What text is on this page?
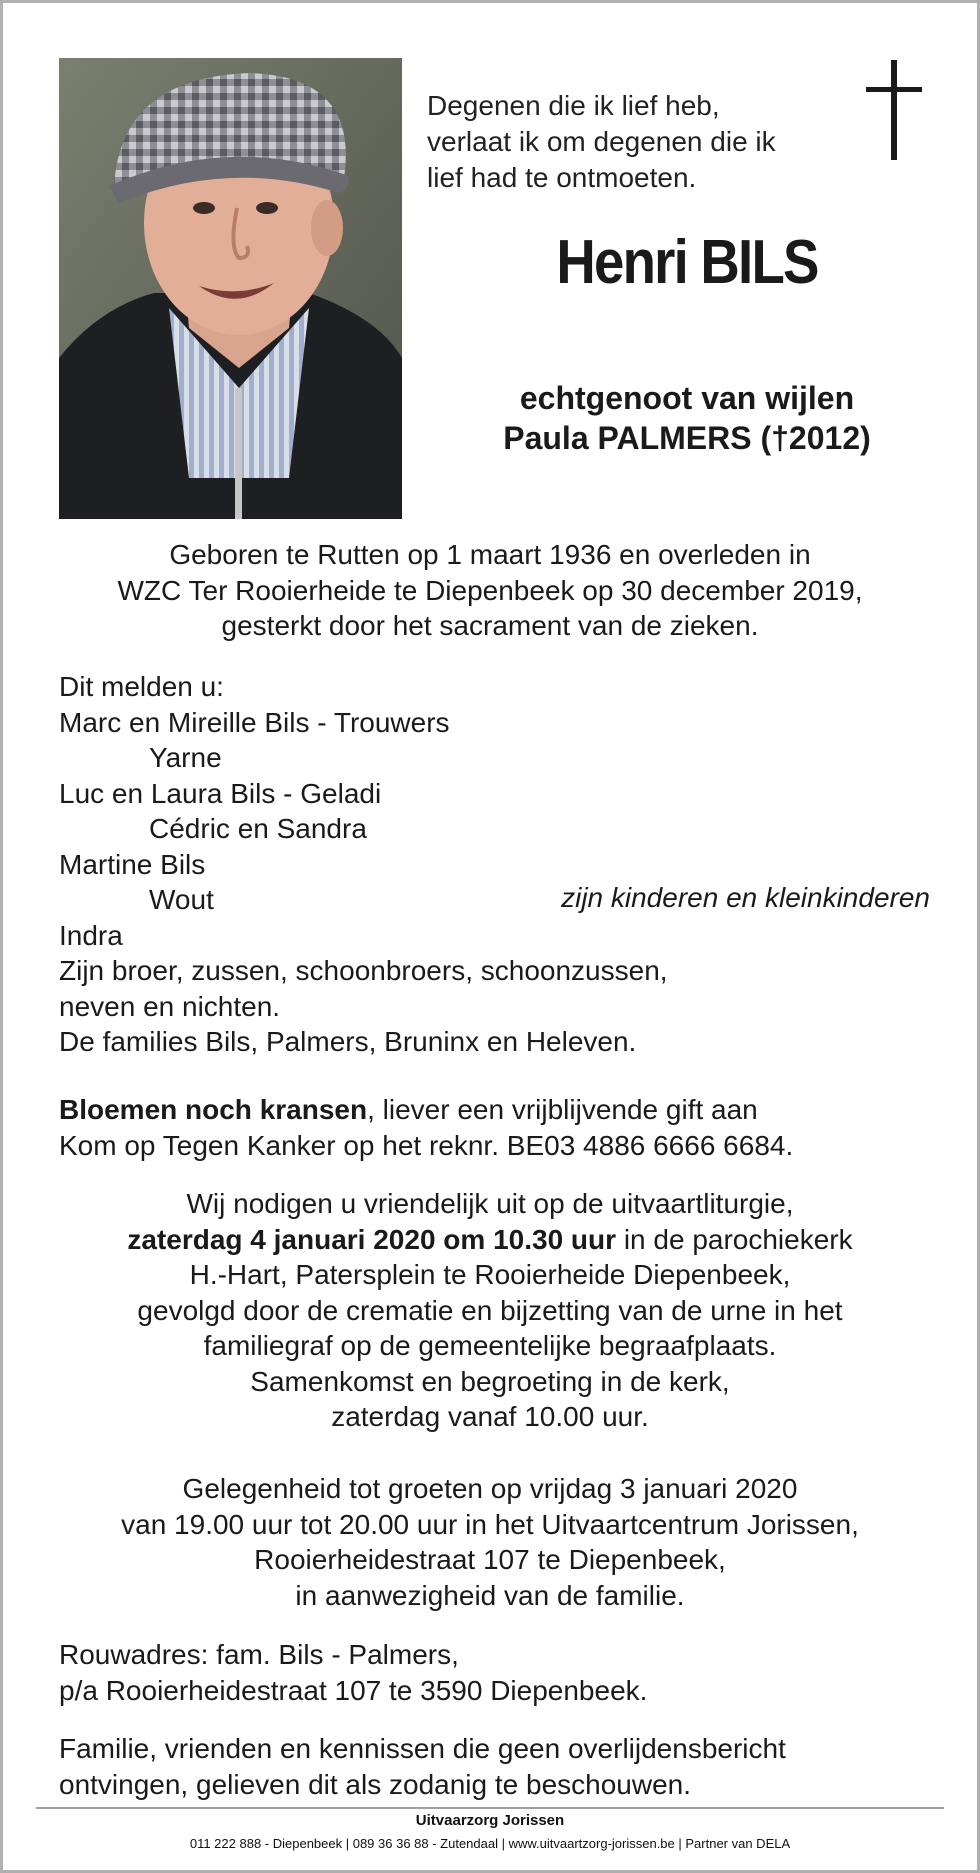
Degenen die ik lief heb,
verlaat ik om degenen die ik
lief had te ontmoeten.
Henri BILS
echtgenoot van wijlen
Paula PALMERS (†2012)
Geboren te Rutten op 1 maart 1936 en overleden in
WZC Ter Rooierheide te Diepenbeek op 30 december 2019,
gesterkt door het sacrament van de zieken.
Dit melden u:
Marc en Mireille Bils - Trouwers
Yarne
Luc en Laura Bils - Geladi
Cédric en Sandra
Martine Bils
Wout
Indra
Zijn broer, zussen, schoonbroers, schoonzussen,
neven en nichten.
De families Bils, Palmers, Bruninx en Heleven.
zijn kinderen en kleinkinderen
Bloemen noch kransen, liever een vrijblijvende gift aan
Kom op Tegen Kanker op het reknr. BE03 4886 6666 6684.
Wij nodigen u vriendelijk uit op de uitvaartliturgie,
zaterdag 4 januari 2020 om 10.30 uur in de parochiekerk
H.-Hart, Patersplein te Rooierheide Diepenbeek,
gevolgd door de crematie en bijzetting van de urne in het
familiegraf op de gemeentelijke begraafplaats.
Samenkomst en begroeting in de kerk,
zaterdag vanaf 10.00 uur.
Gelegenheid tot groeten op vrijdag 3 januari 2020
van 19.00 uur tot 20.00 uur in het Uitvaartcentrum Jorissen,
Rooierheidestraat 107 te Diepenbeek,
in aanwezigheid van de familie.
Rouwadres: fam. Bils - Palmers,
p/a Rooierheidestraat 107 te 3590 Diepenbeek.
Familie, vrienden en kennissen die geen overlijdensbericht
ontvingen, gelieven dit als zodanig te beschouwen.
Uitvaarzorg Jorissen
011 222 888 - Diepenbeek | 089 36 36 88 - Zutendaal | www.uitvaartzorg-jorissen.be | Partner van DELA
